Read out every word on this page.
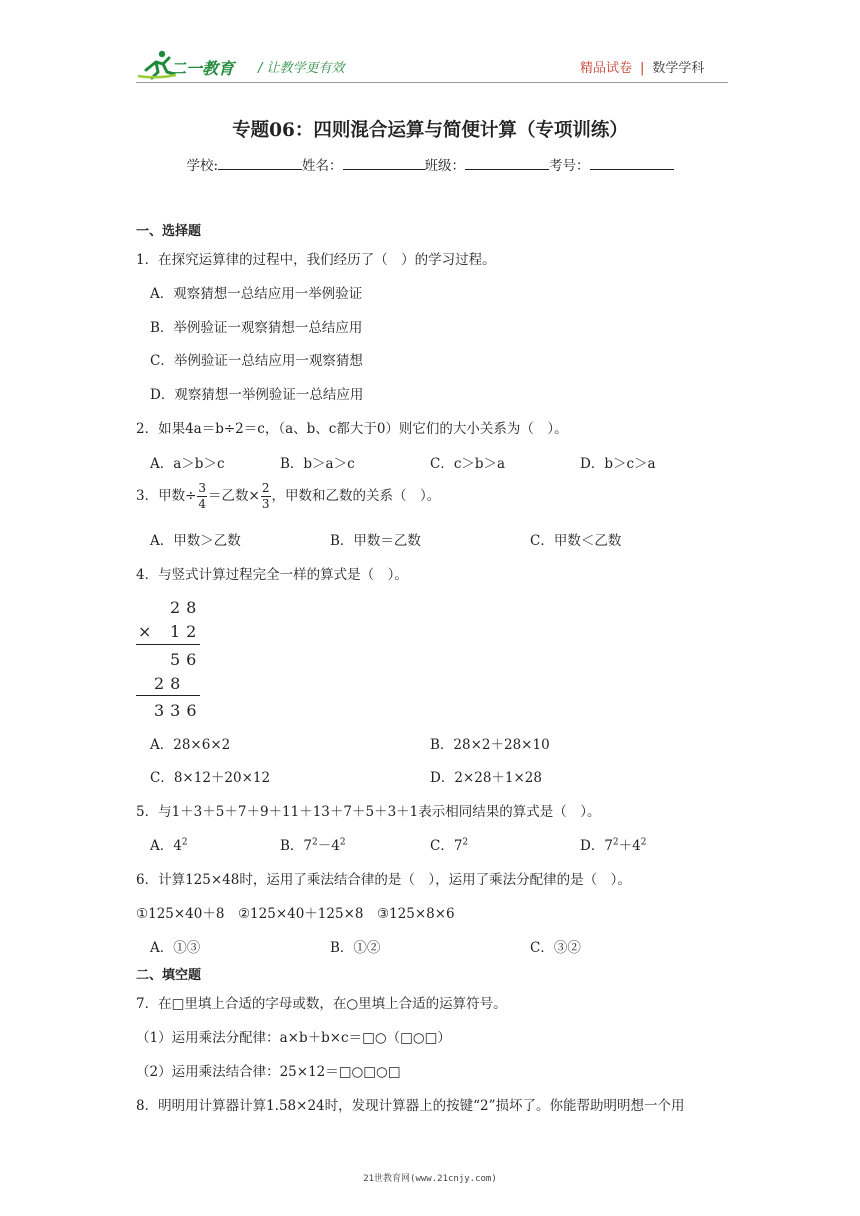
二一教育 / 让教学更有效	精品试卷 | 数学学科
专题06：四则混合运算与简便计算（专项训练）
学校:	姓名：	班级：	考号：
一、选择题
1．在探究运算律的过程中，我们经历了（　）的学习过程。
A．观察猜想一总结应用一举例验证
B．举例验证一观察猜想一总结应用
C．举例验证一总结应用一观察猜想
D．观察猜想一举例验证一总结应用
2．如果4a＝b÷2＝c，（a、b、c都大于0）则它们的大小关系为（　）。
A．a＞b＞c	B．b＞a＞c	C．c＞b＞a	D．b＞c＞a
3．甲数÷ $\frac{3}{4}$ ＝乙数× $\frac{2}{3}$ ，甲数和乙数的关系（　）。
A．甲数＞乙数	B．甲数＝乙数	C．甲数＜乙数
4．与竖式计算过程完全一样的算式是（　）。
28
× 12
56
28
336
A．28×6×2	B．28×2＋28×10
C．8×12＋20×12	D．2×28＋1×28
5．与1＋3＋5＋7＋9＋11＋13＋7＋5＋3＋1表示相同结果的算式是（　）。
A．$4^2$	B．$7^2-4^2$	C．$7^2$	D．$7^2+4^2$
6．计算125×48时，运用了乘法结合律的是（　），运用了乘法分配律的是（　）。
①125×40＋8　②125×40＋125×8　③125×8×6
A．①③	B．①②	C．③②
二、填空题
7．在□里填上合适的字母或数，在○里填上合适的运算符号。
（1）运用乘法分配律：a×b＋b×c＝□○（□○□）
（2）运用乘法结合律：25×12＝□○□○□
8．明明用计算器计算1.58×24时，发现计算器上的按键“2”损坏了。你能帮助明明想一个用
21世教育网(www.21cnjy.com)
